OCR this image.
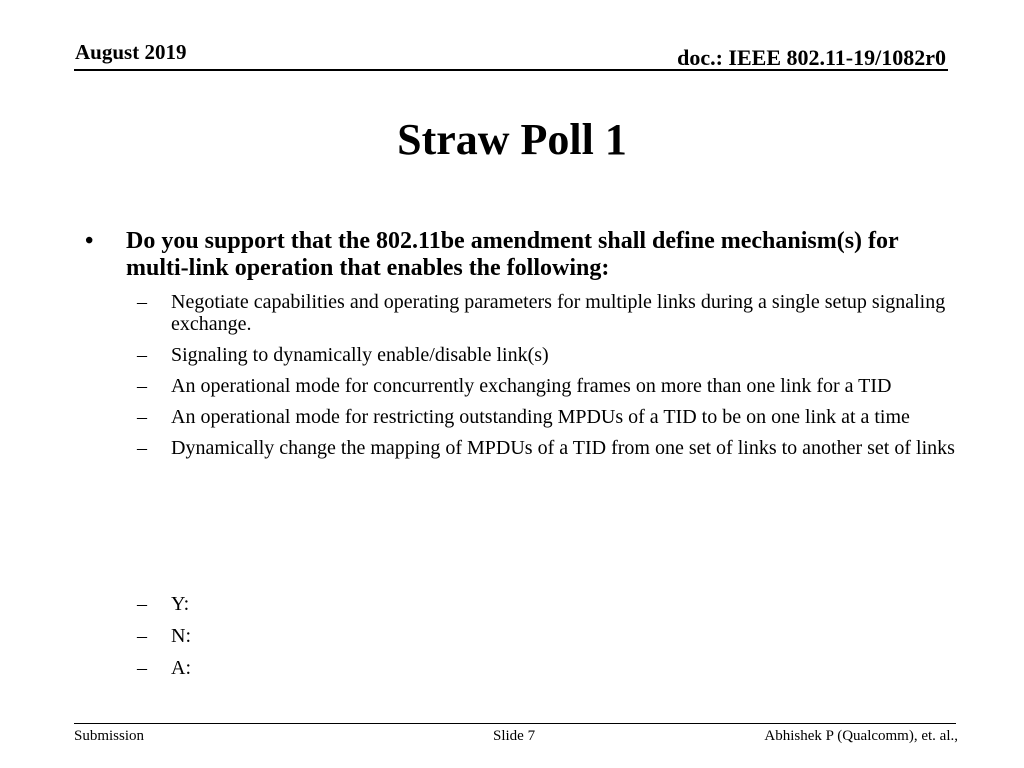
August 2019	doc.: IEEE 802.11-19/1082r0
Straw Poll 1
• Do you support that the 802.11be amendment shall define mechanism(s) for multi-link operation that enables the following:
– Negotiate capabilities and operating parameters for multiple links during a single setup signaling exchange.
– Signaling to dynamically enable/disable link(s)
– An operational mode for concurrently exchanging frames on more than one link for a TID
– An operational mode for restricting outstanding MPDUs of a TID to be on one link at a time
– Dynamically change the mapping of MPDUs of a TID from one set of links to another set of links
– Y:
– N:
– A:
Submission	Slide 7	Abhishek P (Qualcomm), et. al.,
